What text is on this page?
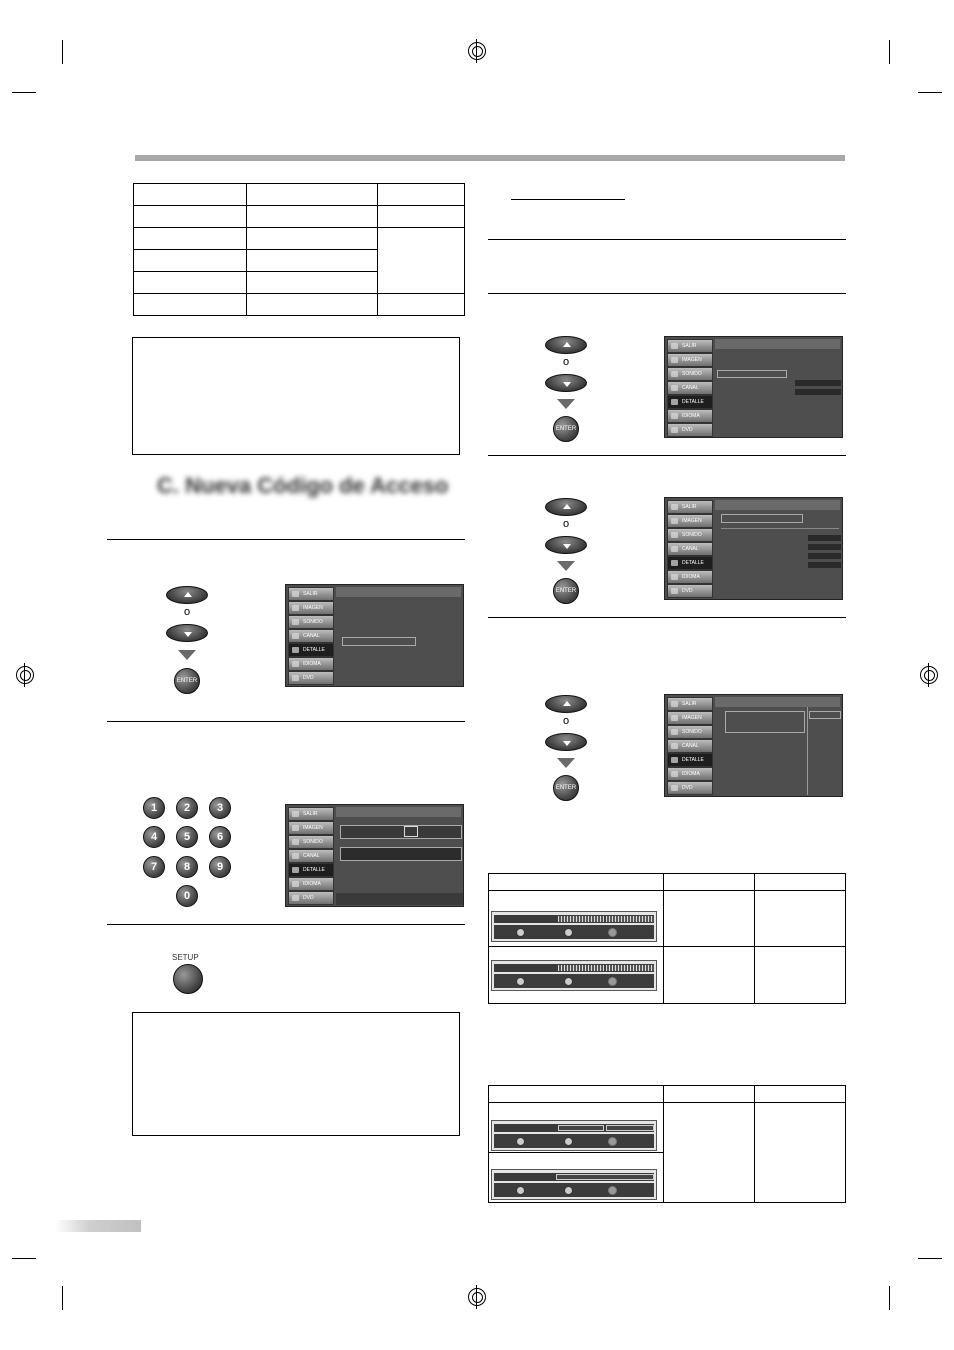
C. Nueva Código de Acceso
o
ENTER
SALIR
IMAGEN
SONIDO
CANAL
DETALLE
IDIOMA
DVD
1	2	3
4	5	6
7	8	9
0
SALIR
IMAGEN
SONIDO
CANAL
DETALLE
IDIOMA
DVD
SETUP
o
ENTER
SALIR
IMAGEN
SONIDO
CANAL
DETALLE
IDIOMA
DVD
o
ENTER
SALIR
IMAGEN
SONIDO
CANAL
DETALLE
IDIOMA
DVD
o
ENTER
SALIR
IMAGEN
SONIDO
CANAL
DETALLE
IDIOMA
DVD
